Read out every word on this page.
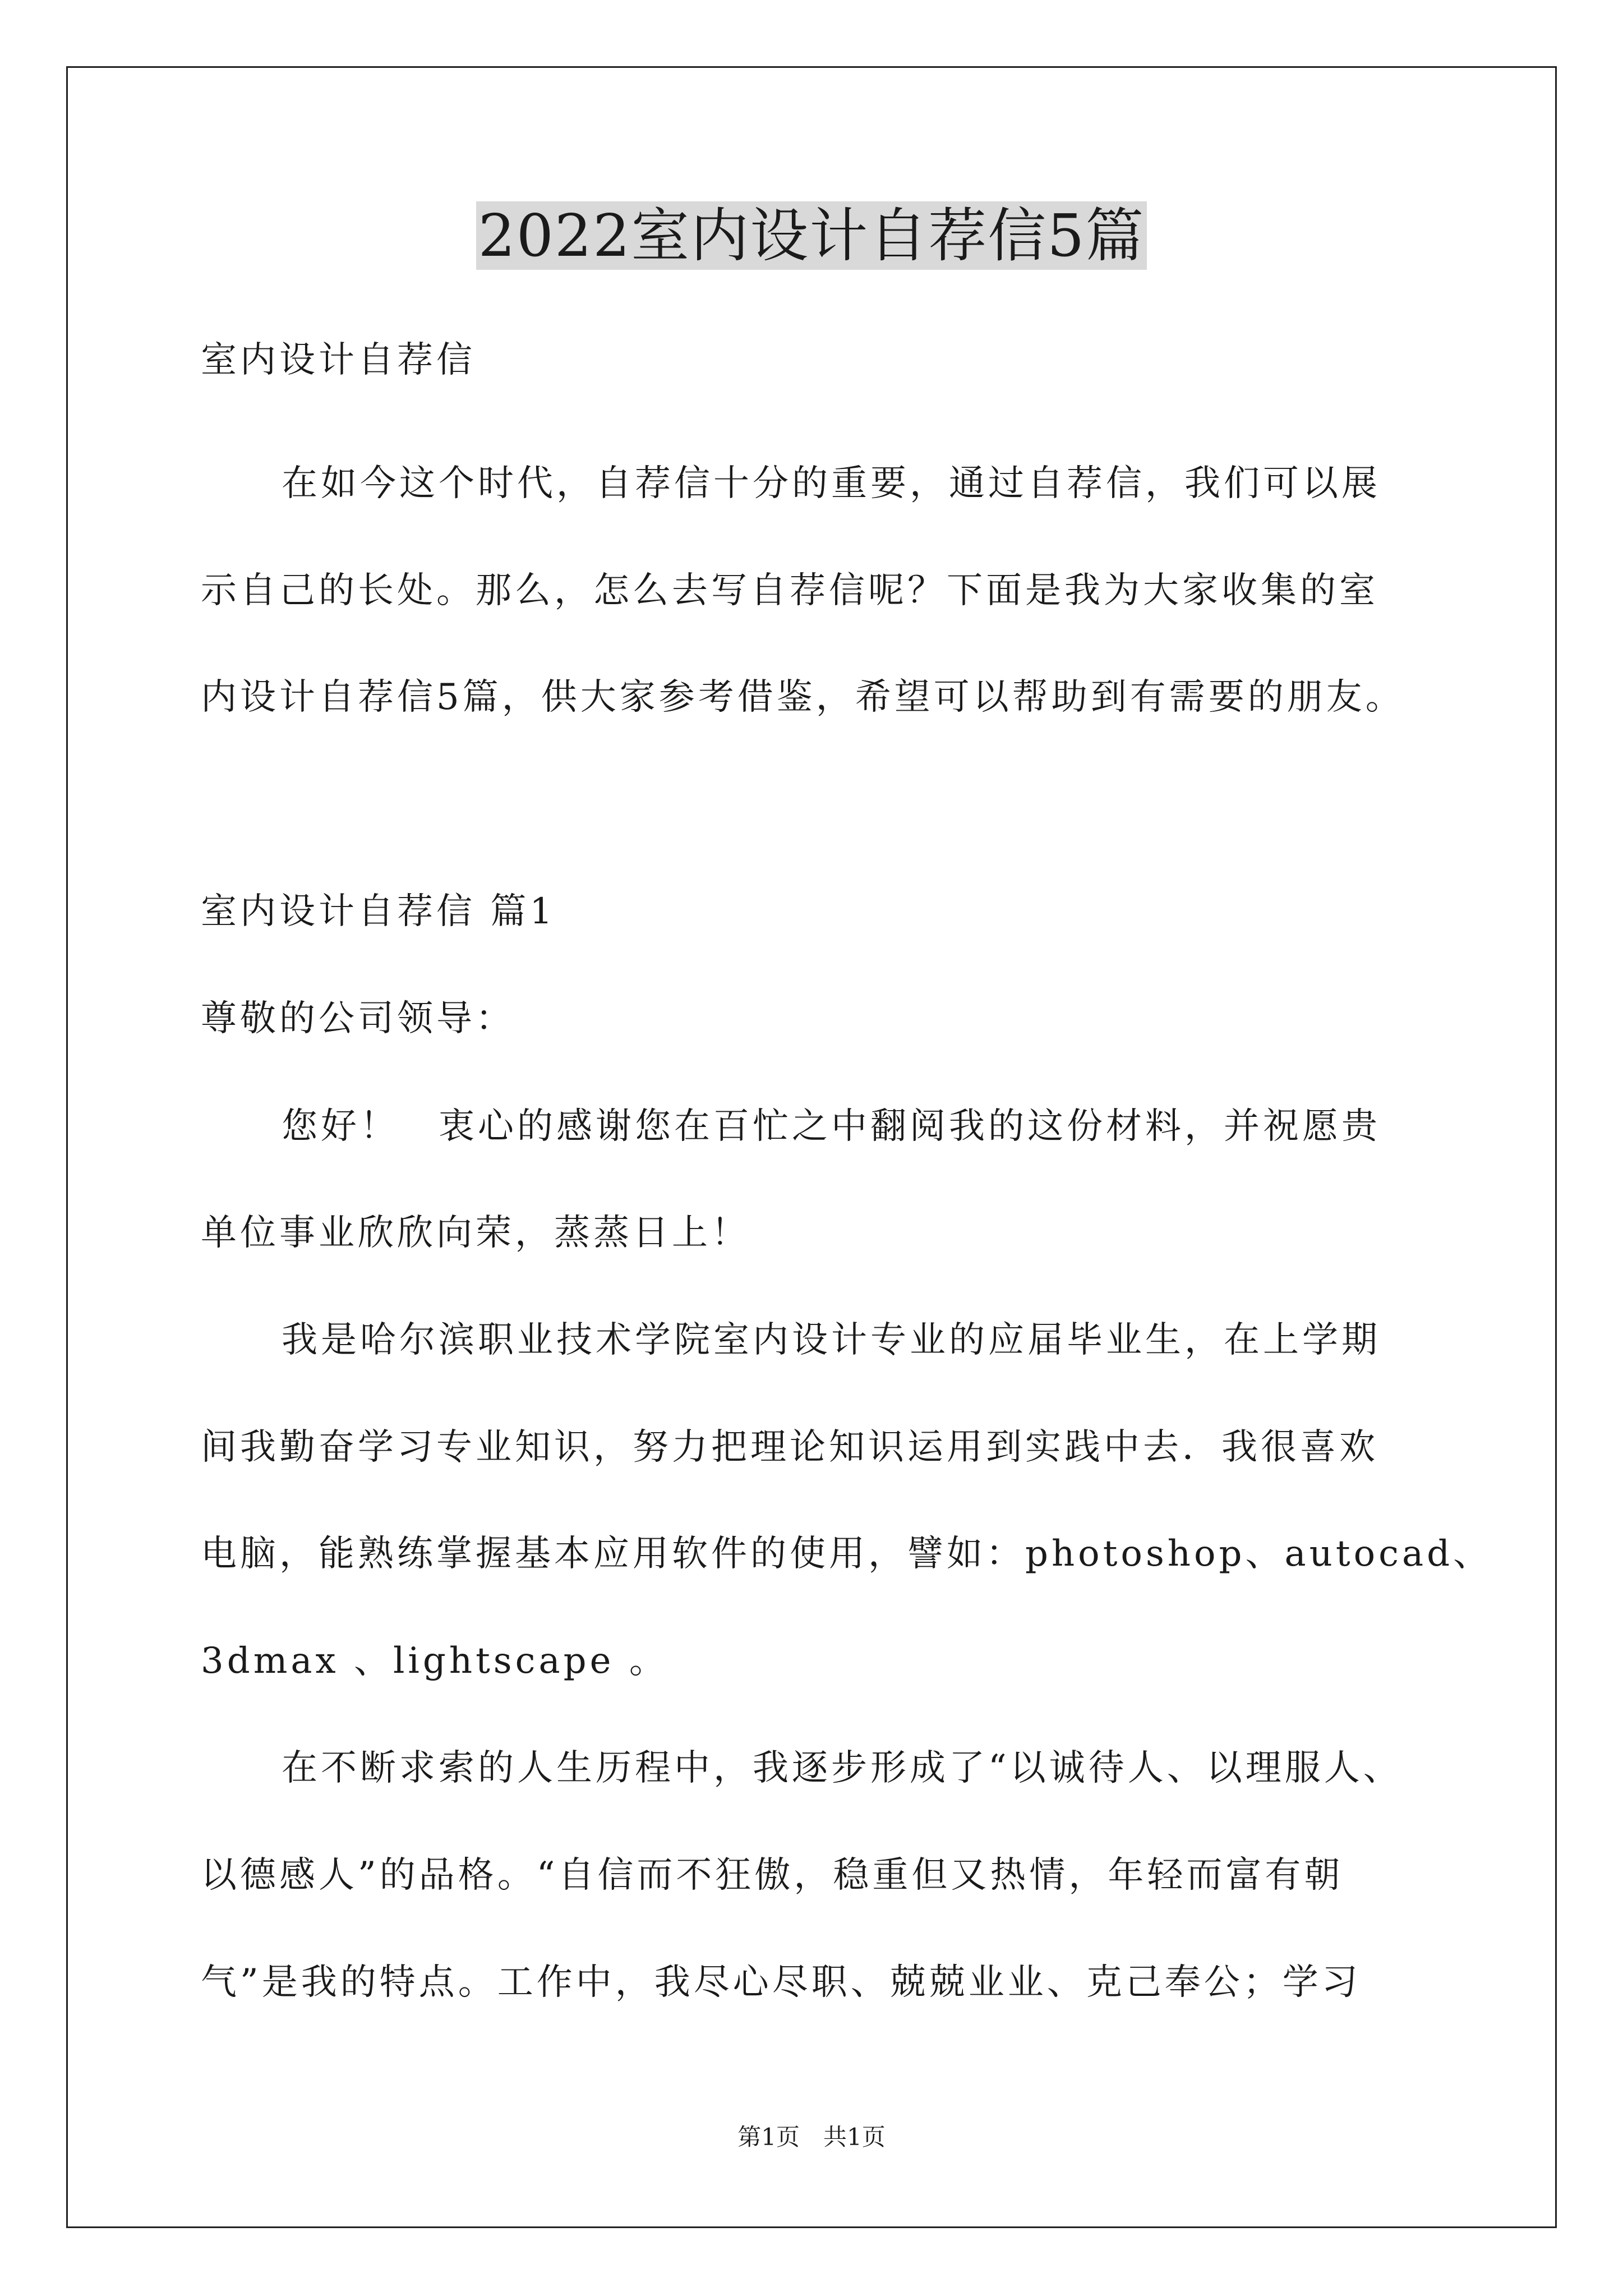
2022室内设计自荐信5篇
室内设计自荐信
在如今这个时代，自荐信十分的重要，通过自荐信，我们可以展
示自己的长处。那么，怎么去写自荐信呢？下面是我为大家收集的室
内设计自荐信5篇，供大家参考借鉴，希望可以帮助到有需要的朋友。
室内设计自荐信 篇1
尊敬的公司领导：
您好！　衷心的感谢您在百忙之中翻阅我的这份材料，并祝愿贵
单位事业欣欣向荣，蒸蒸日上！
我是哈尔滨职业技术学院室内设计专业的应届毕业生，在上学期
间我勤奋学习专业知识，努力把理论知识运用到实践中去．我很喜欢
电脑，能熟练掌握基本应用软件的使用，譬如：photoshop、autocad、
3dmax 、lightscape 。
在不断求索的人生历程中，我逐步形成了“以诚待人、以理服人、
以德感人”的品格。“自信而不狂傲，稳重但又热情，年轻而富有朝
气”是我的特点。工作中，我尽心尽职、兢兢业业、克己奉公；学习
第1页　共1页
